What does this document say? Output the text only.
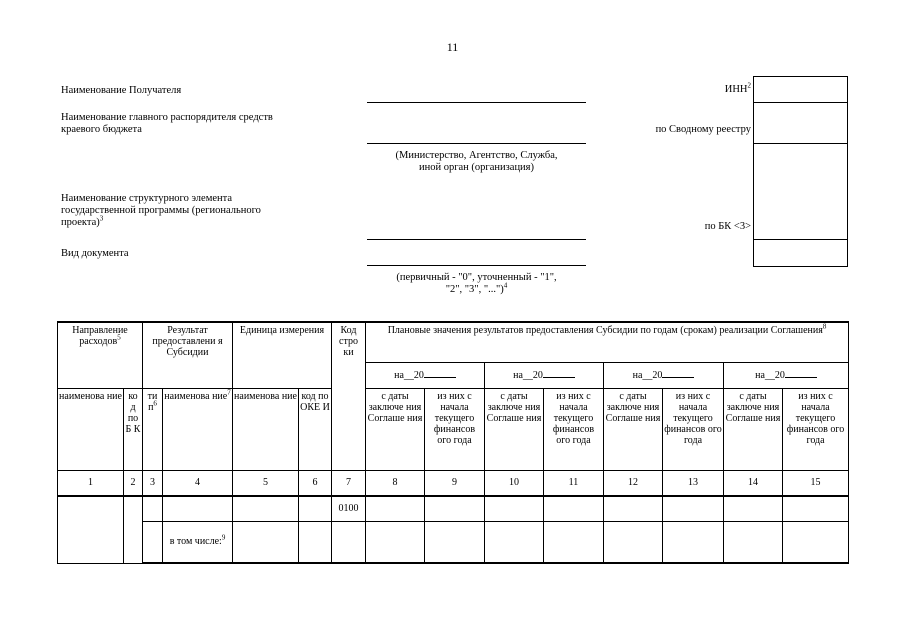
11
Наименование Получателя
Наименование главного распорядителя средств
краевого бюджета
Наименование структурного элемента
государственной программы (регионального
проекта)$^3$
Вид документа
(Министерство, Агентство, Служба,
иной орган (организация)
(первичный - "0", уточненный - "1",
"2", "3", "...")$^4$
ИНН$^2$
по Сводному реестру
по БК <3>
Направление расходов$^5$		Результат предоставлени я Субсидии		Единица измерения		Код стро ки	Плановые значения результатов предоставления Субсидии по годам (срокам) реализации Соглашения$^8$
							на__20		на__20		на__20		на__20		
наименова ние	ко д по Б К	ти $п^6$	наименова ние$^7$	наименова ние	код по ОКЕ И		с даты заключе ния Соглаше ния	из них с начала текущего финансов ого года	с даты заключе ния Соглаше ния	из них с начала текущего финансов ого года	с даты заключе ния Соглаше ния	из них с начала текущего финансов ого года	с даты заключе ния Соглаше ния	из них с начала текущего финансов ого года	
1	2	3	4	5	6	7	8	9	10	11	12	13	14	15	
						0100									

			в том числе:$^9$
